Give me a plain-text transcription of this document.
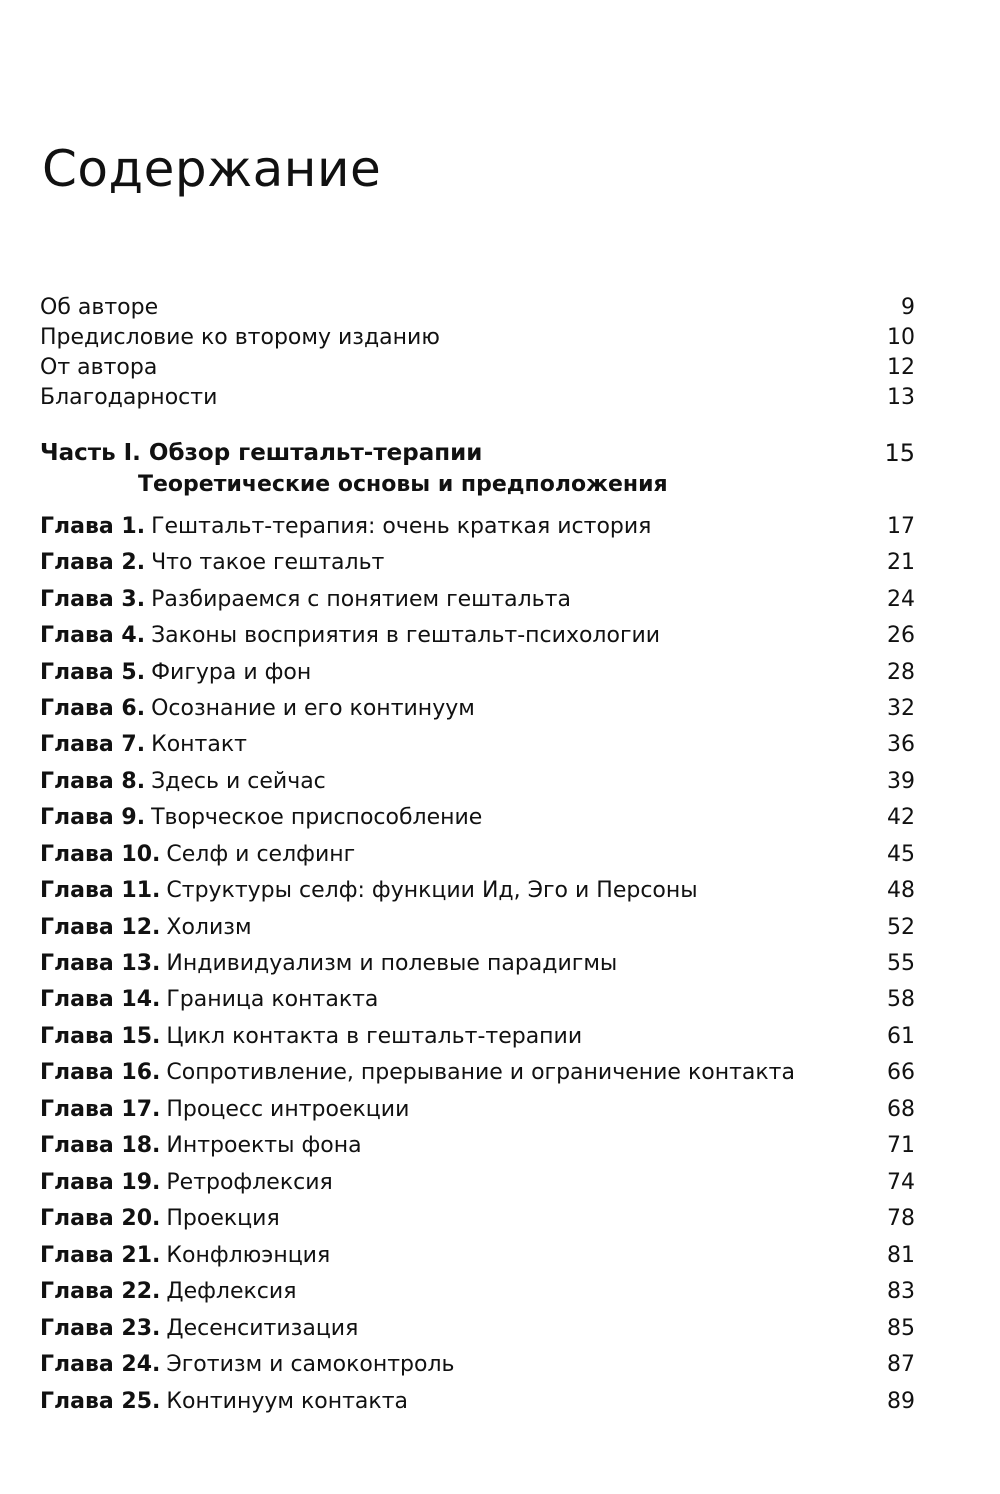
Содержание
Об авторе	9
Предисловие ко второму изданию	10
От автора	12
Благодарности	13
Часть I. Обзор гештальт-терапии	15
Теоретические основы и предположения
Глава 1. Гештальт-терапия: очень краткая история	17
Глава 2. Что такое гештальт	21
Глава 3. Разбираемся с понятием гештальта	24
Глава 4. Законы восприятия в гештальт-психологии	26
Глава 5. Фигура и фон	28
Глава 6. Осознание и его континуум	32
Глава 7. Контакт	36
Глава 8. Здесь и сейчас	39
Глава 9. Творческое приспособление	42
Глава 10. Селф и селфинг	45
Глава 11. Структуры селф: функции Ид, Эго и Персоны	48
Глава 12. Холизм	52
Глава 13. Индивидуализм и полевые парадигмы	55
Глава 14. Граница контакта	58
Глава 15. Цикл контакта в гештальт-терапии	61
Глава 16. Сопротивление, прерывание и ограничение контакта	66
Глава 17. Процесс интроекции	68
Глава 18. Интроекты фона	71
Глава 19. Ретрофлексия	74
Глава 20. Проекция	78
Глава 21. Конфлюэнция	81
Глава 22. Дефлексия	83
Глава 23. Десенситизация	85
Глава 24. Эготизм и самоконтроль	87
Глава 25. Континуум контакта	89
